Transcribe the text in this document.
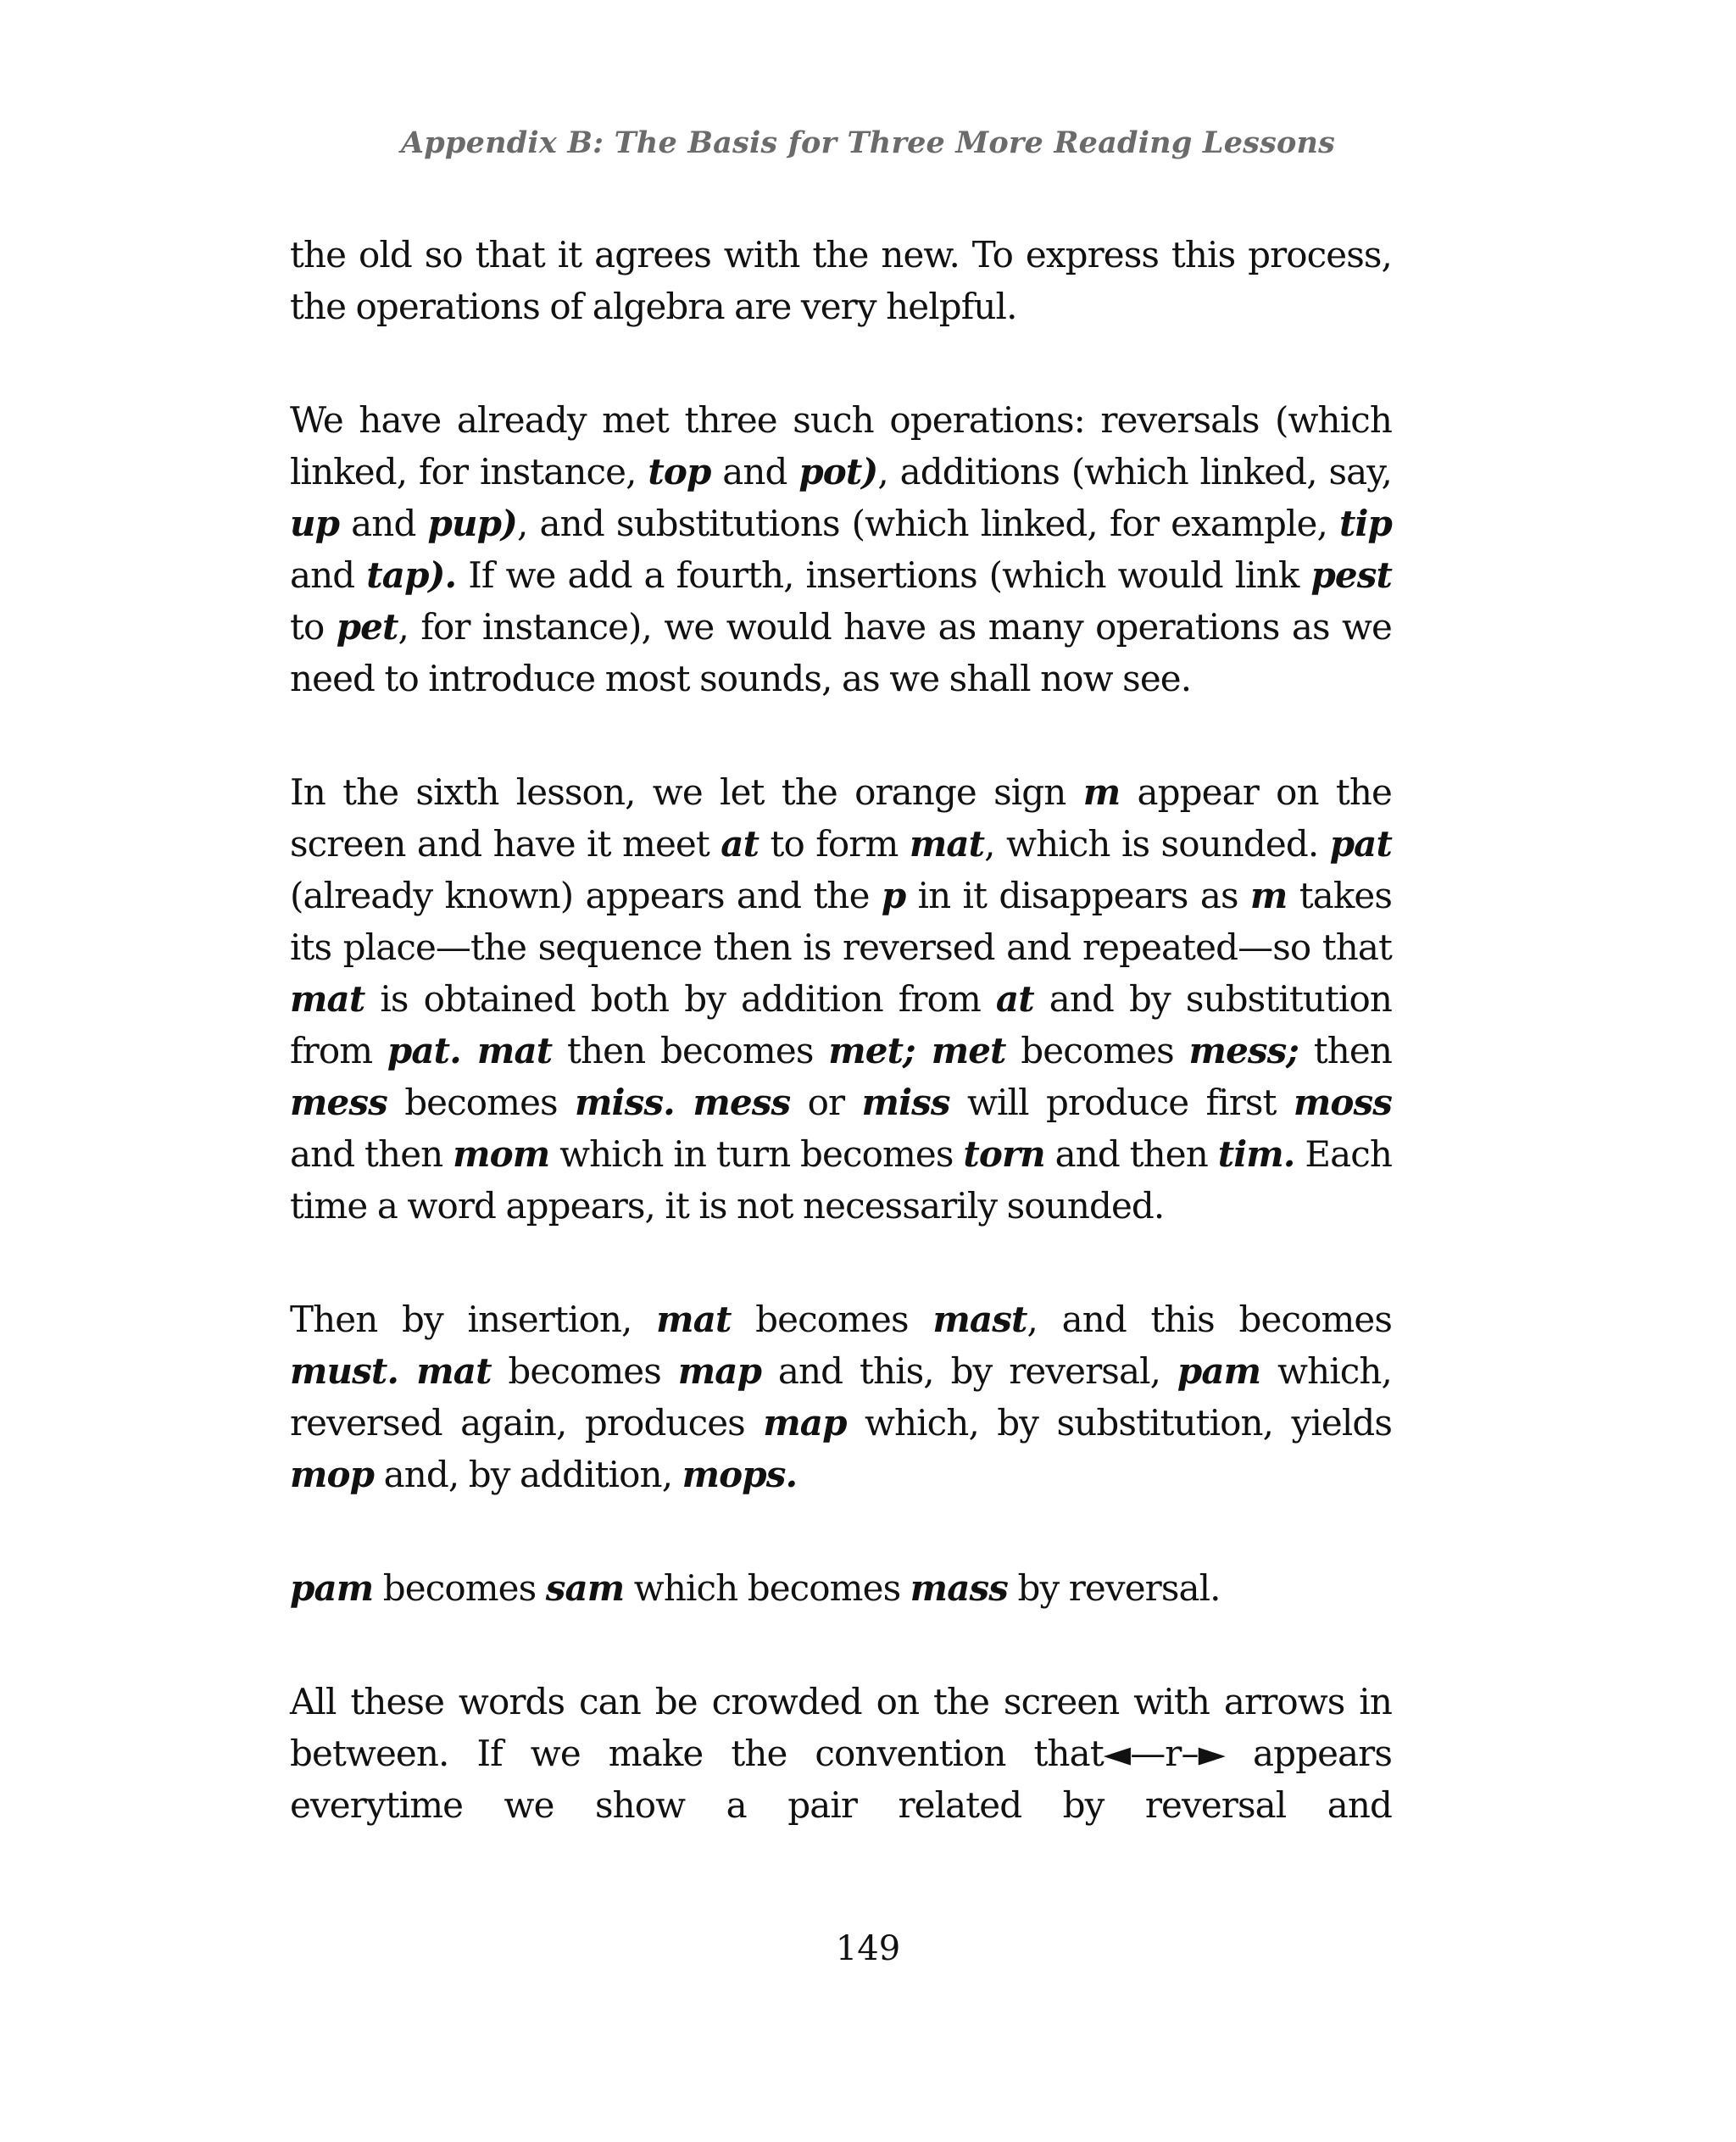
Appendix B: The Basis for Three More Reading Lessons

the old so that it agrees with the new. To express this process, the operations of algebra are very helpful.

We have already met three such operations: reversals (which linked, for instance, top and pot), additions (which linked, say, up and pup), and substitutions (which linked, for example, tip and tap). If we add a fourth, insertions (which would link pest to pet, for instance), we would have as many operations as we need to introduce most sounds, as we shall now see.

In the sixth lesson, we let the orange sign m appear on the screen and have it meet at to form mat, which is sounded. pat (already known) appears and the p in it disappears as m takes its place—the sequence then is reversed and repeated—so that mat is obtained both by addition from at and by substitution from pat. mat then becomes met; met becomes mess; then mess becomes miss. mess or miss will produce first moss and then mom which in turn becomes torn and then tim. Each time a word appears, it is not necessarily sounded.

Then by insertion, mat becomes mast, and this becomes must. mat becomes map and this, by reversal, pam which, reversed again, produces map which, by substitution, yields mop and, by addition, mops.

pam becomes sam which becomes mass by reversal.

All these words can be crowded on the screen with arrows in between. If we make the convention that◄—r–► appears everytime we show a pair related by reversal and

149
